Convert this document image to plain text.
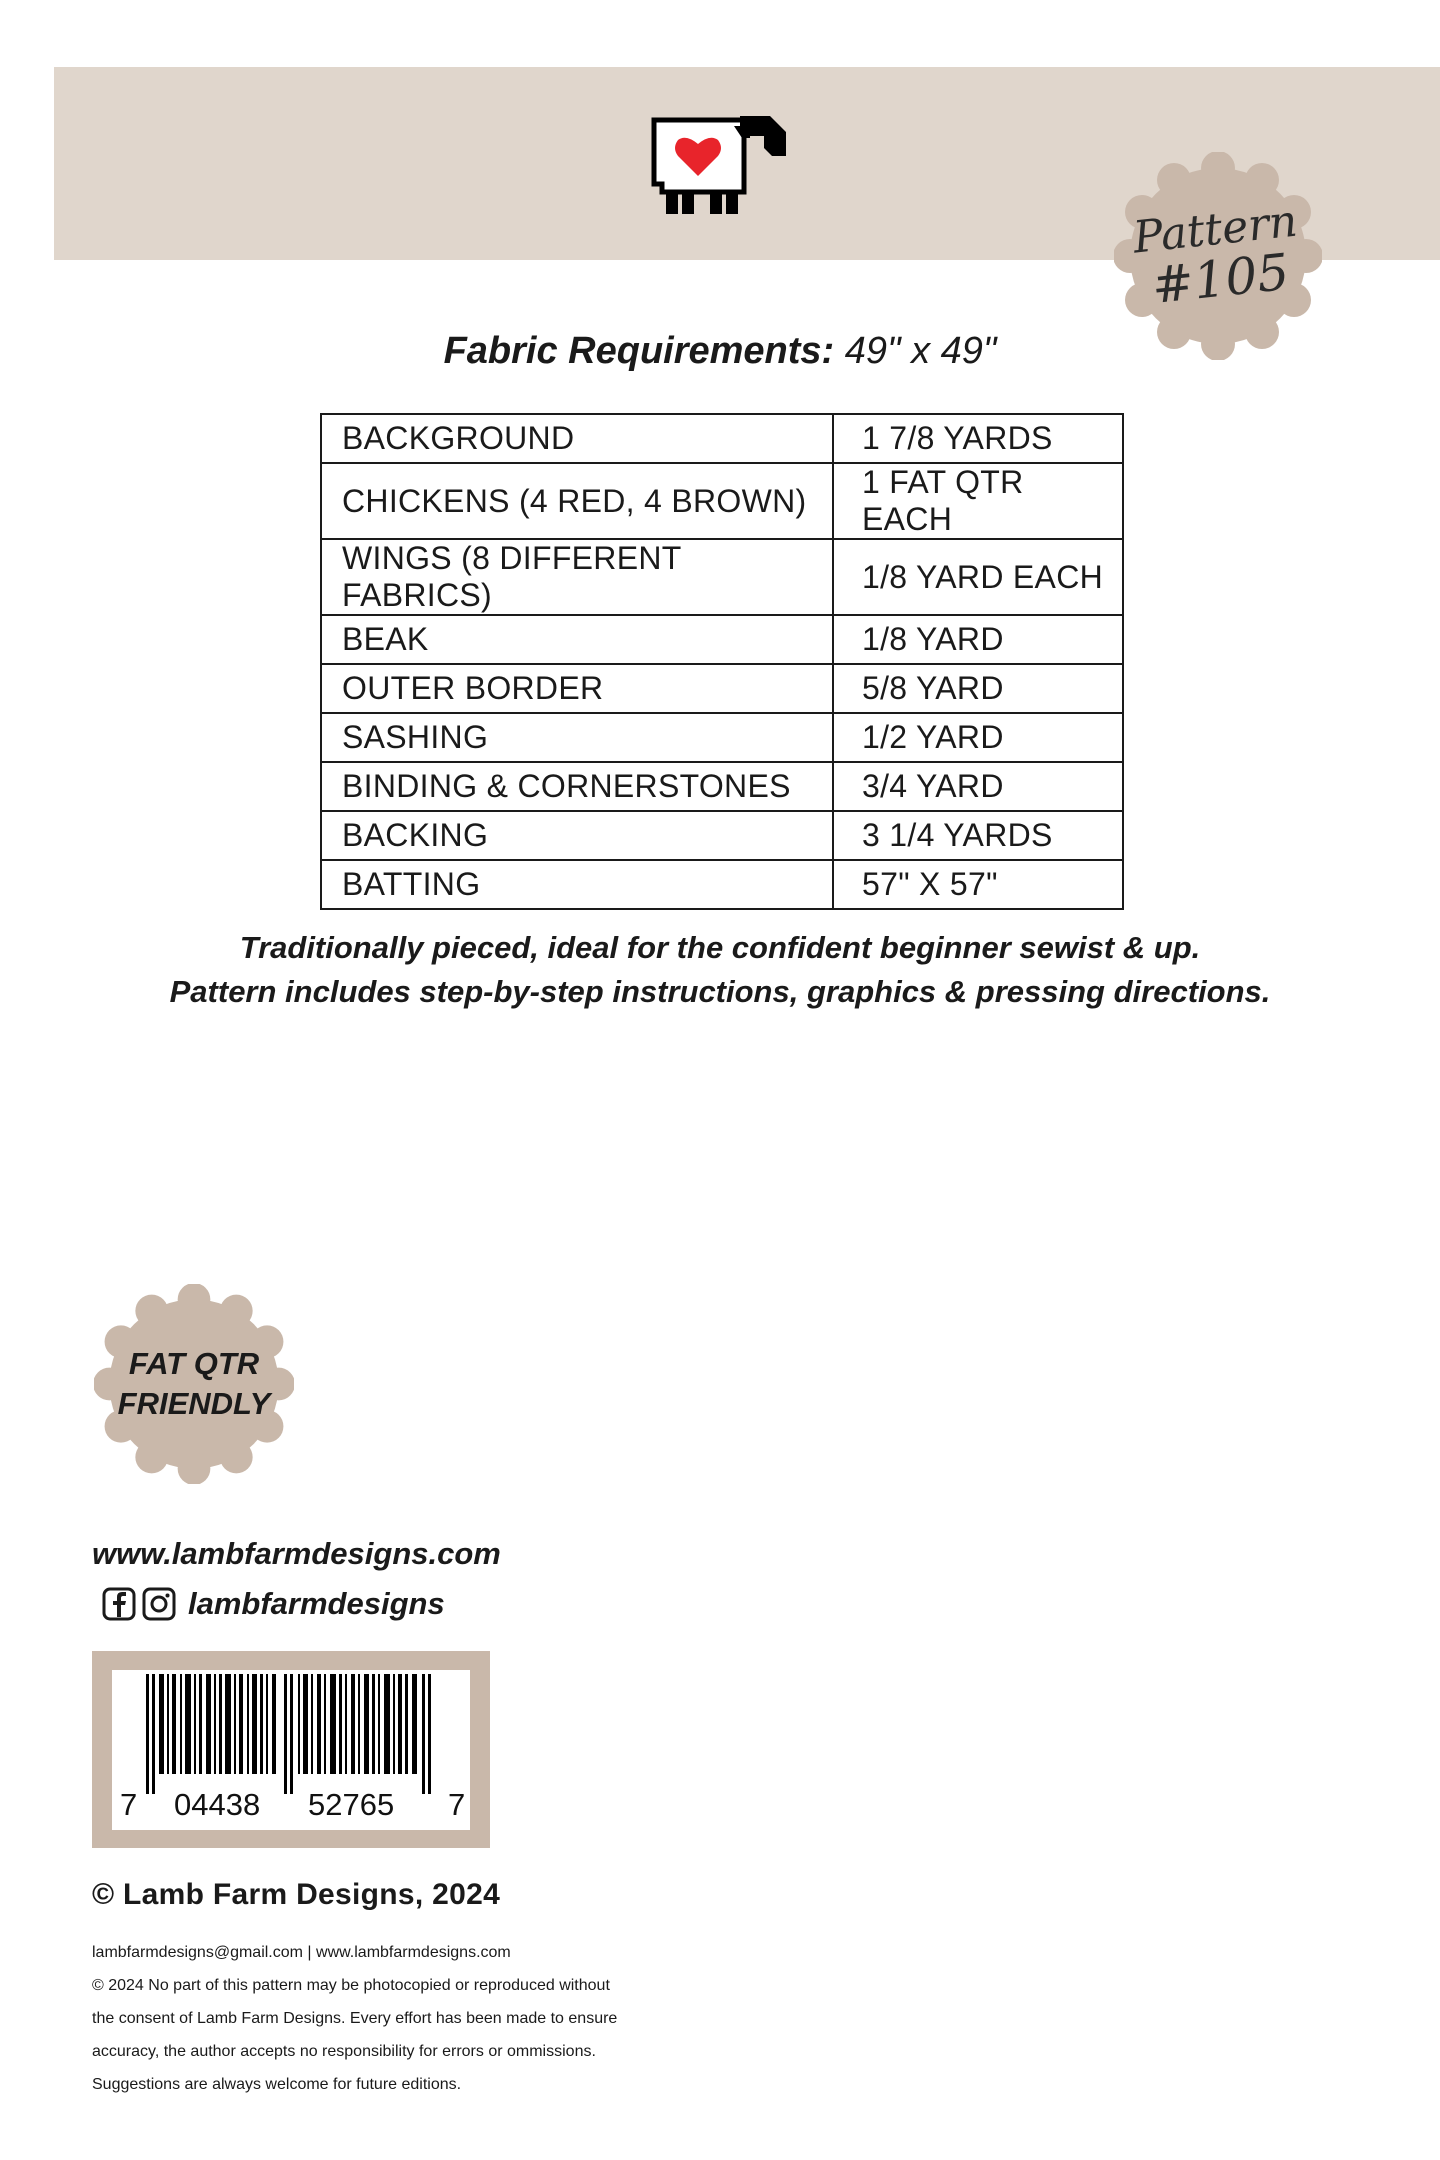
Pattern
#105
Fabric Requirements: 49" x 49"
BACKGROUND	1 7/8 YARDS
CHICKENS (4 RED, 4 BROWN)	1 FAT QTR EACH
WINGS (8 DIFFERENT FABRICS)	1/8 YARD EACH
BEAK	1/8 YARD
OUTER BORDER	5/8 YARD
SASHING	1/2 YARD
BINDING & CORNERSTONES	3/4 YARD
BACKING	3 1/4 YARDS
BATTING	57" X 57"
Traditionally pieced, ideal for the confident beginner sewist & up.
Pattern includes step-by-step instructions, graphics & pressing directions.
FAT QTR
FRIENDLY
www.lambfarmdesigns.com
lambfarmdesigns
7 04438 52765 7
© Lamb Farm Designs, 2024
lambfarmdesigns@gmail.com | www.lambfarmdesigns.com
© 2024 No part of this pattern may be photocopied or reproduced without
the consent of Lamb Farm Designs. Every effort has been made to ensure
accuracy, the author accepts no responsibility for errors or ommissions.
Suggestions are always welcome for future editions.
